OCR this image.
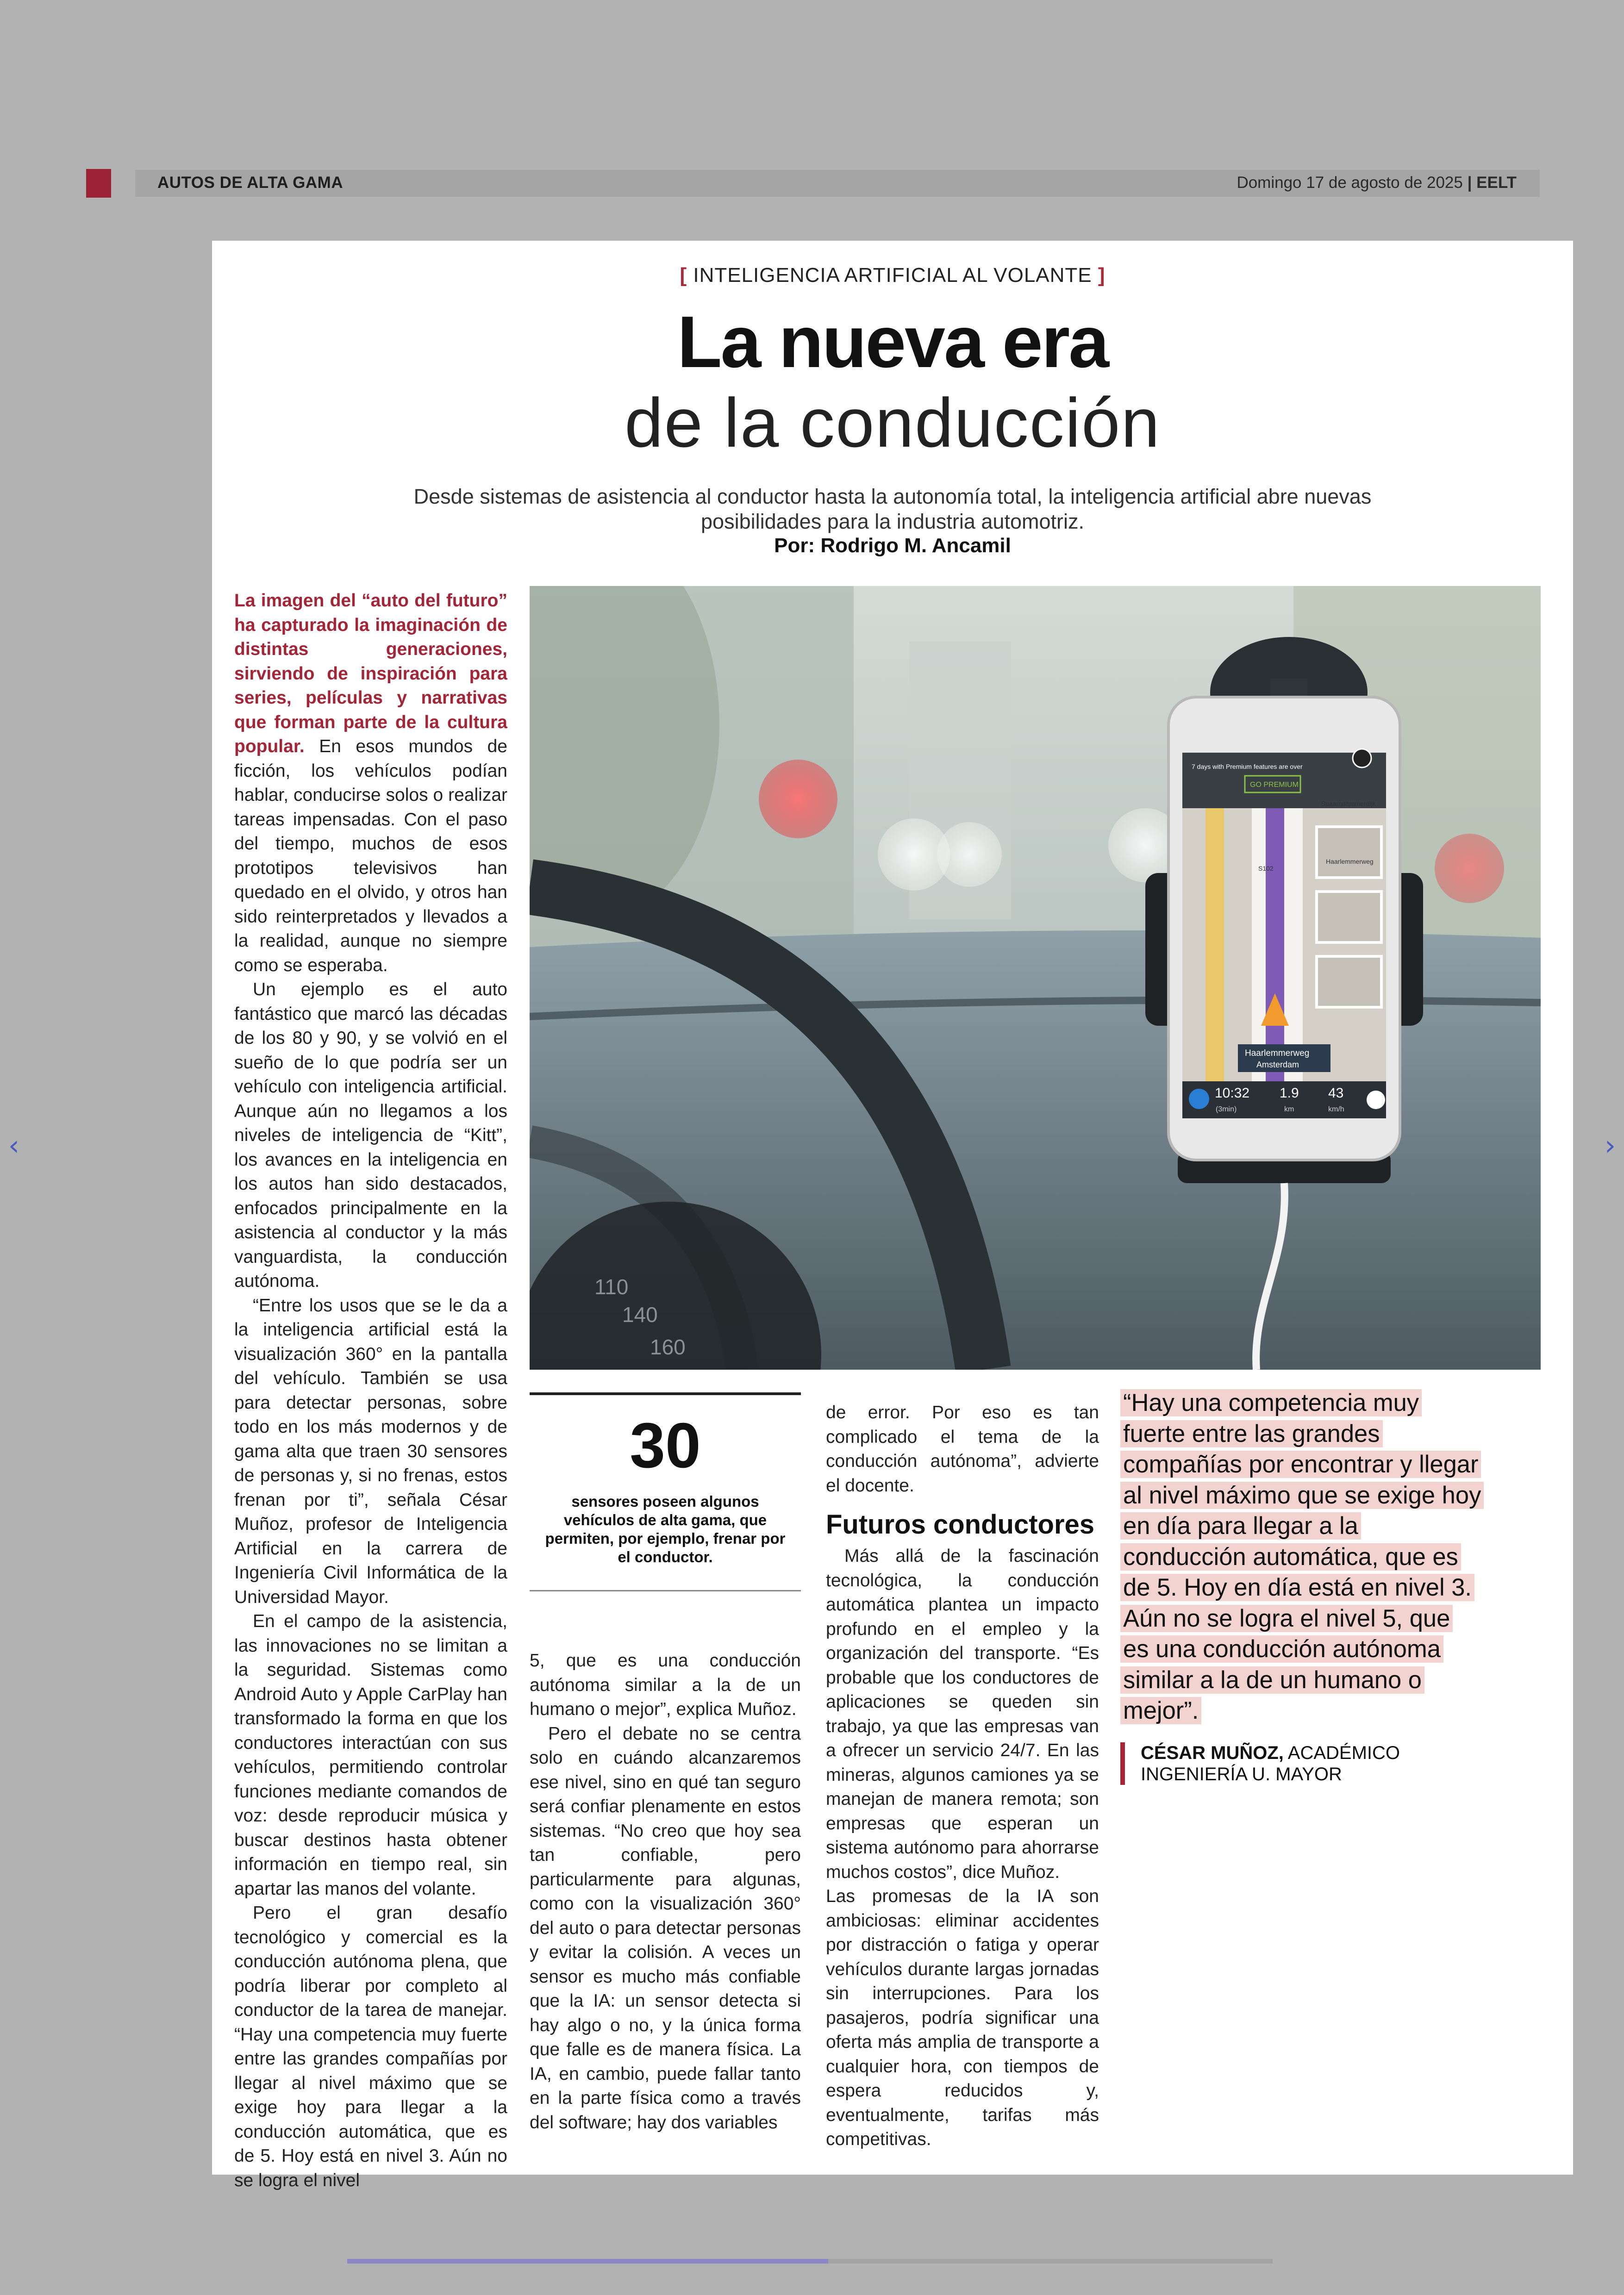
AUTOS DE ALTA GAMA	Domingo 17 de agosto de 2025 | EELT
‹	›
[ INTELIGENCIA ARTIFICIAL AL VOLANTE ]
La nueva era
de la conducción
Desde sistemas de asistencia al conductor hasta la autonomía total, la inteligencia artificial abre nuevas posibilidades para la industria automotriz.
Por: Rodrigo M. Ancamil

La imagen del “auto del futuro” ha capturado la imaginación de distintas generaciones, sirviendo de inspiración para series, películas y narrativas que forman parte de la cultura popular. En esos mundos de ficción, los vehículos podían hablar, conducirse solos o realizar tareas impensadas. Con el paso del tiempo, muchos de esos prototipos televisivos han quedado en el olvido, y otros han sido reinterpretados y llevados a la realidad, aunque no siempre como se esperaba.

Un ejemplo es el auto fantástico que marcó las décadas de los 80 y 90, y se volvió en el sueño de lo que podría ser un vehículo con inteligencia artificial. Aunque aún no llegamos a los niveles de inteligencia de “Kitt”, los avances en la inteligencia en los autos han sido destacados, enfocados principalmente en la asistencia al conductor y la más vanguardista, la conducción autónoma.

“Entre los usos que se le da a la inteligencia artificial está la visualización 360° en la pantalla del vehículo. También se usa para detectar personas, sobre todo en los más modernos y de gama alta que traen 30 sensores de personas y, si no frenas, estos frenan por ti”, señala César Muñoz, profesor de Inteligencia Artificial en la carrera de Ingeniería Civil Informática de la Universidad Mayor.

En el campo de la asistencia, las innovaciones no se limitan a la seguridad. Sistemas como Android Auto y Apple CarPlay han transformado la forma en que los conductores interactúan con sus vehículos, permitiendo controlar funciones mediante comandos de voz: desde reproducir música y buscar destinos hasta obtener información en tiempo real, sin apartar las manos del volante.

Pero el gran desafío tecnológico y comercial es la conducción autónoma plena, que podría liberar por completo al conductor de la tarea de manejar. “Hay una competencia muy fuerte entre las grandes compañías por llegar al nivel máximo que se exige hoy para llegar a la conducción automática, que es de 5. Hoy está en nivel 3. Aún no se logra el nivel

110
140
160
7 days with Premium features are over
GO PREMIUM
Spaarndammerdijk
S102
Haarlemmerweg
Haarlemmerweg
Amsterdam
10:32
(3min)
1.9
km
43
km/h
30
sensores poseen algunos vehículos de alta gama, que permiten, por ejemplo, frenar por el conductor.

5, que es una conducción autónoma similar a la de un humano o mejor”, explica Muñoz.

Pero el debate no se centra solo en cuándo alcanzaremos ese nivel, sino en qué tan seguro será confiar plenamente en estos sistemas. “No creo que hoy sea tan confiable, pero particularmente para algunas, como con la visualización 360° del auto o para detectar personas y evitar la colisión. A veces un sensor es mucho más confiable que la IA: un sensor detecta si hay algo o no, y la única forma que falle es de manera física. La IA, en cambio, puede fallar tanto en la parte física como a través del software; hay dos variables

de error. Por eso es tan complicado el tema de la conducción autónoma”, advierte el docente.

Futuros conductores

Más allá de la fascinación tecnológica, la conducción automática plantea un impacto profundo en el empleo y la organización del transporte. “Es probable que los conductores de aplicaciones se queden sin trabajo, ya que las empresas van a ofrecer un servicio 24/7. En las mineras, algunos camiones ya se manejan de manera remota; son empresas que esperan un sistema autónomo para ahorrarse muchos costos”, dice Muñoz.

Las promesas de la IA son ambiciosas: eliminar accidentes por distracción o fatiga y operar vehículos durante largas jornadas sin interrupciones. Para los pasajeros, podría significar una oferta más amplia de transporte a cualquier hora, con tiempos de espera reducidos y, eventualmente, tarifas más competitivas.

“Hay una competencia muy fuerte entre las grandes compañías por encontrar y llegar al nivel máximo que se exige hoy en día para llegar a la conducción automática, que es de 5. Hoy en día está en nivel 3. Aún no se logra el nivel 5, que es una conducción autónoma similar a la de un humano o mejor”.
CÉSAR MUÑOZ, ACADÉMICO INGENIERÍA U. MAYOR
